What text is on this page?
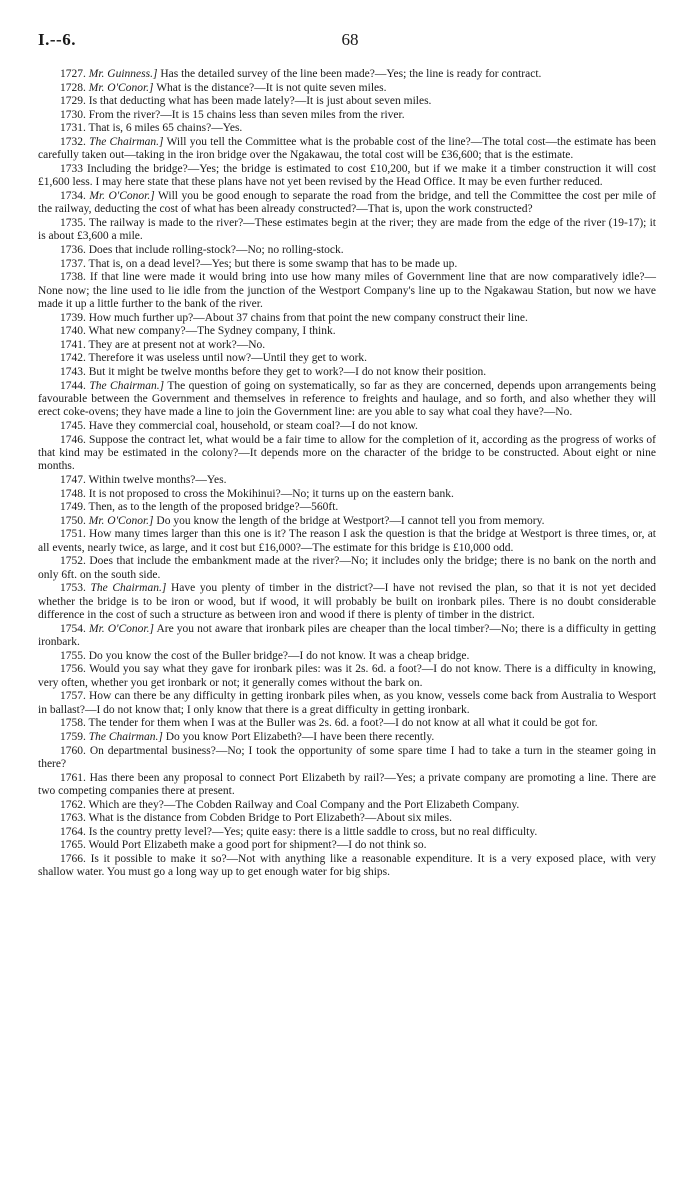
I.--6.	68

1727. Mr. Guinness.] Has the detailed survey of the line been made?—Yes; the line is ready for contract.

1728. Mr. O'Conor.] What is the distance?—It is not quite seven miles.

1729. Is that deducting what has been made lately?—It is just about seven miles.

1730. From the river?—It is 15 chains less than seven miles from the river.

1731. That is, 6 miles 65 chains?—Yes.

1732. The Chairman.] Will you tell the Committee what is the probable cost of the line?—The total cost—the estimate has been carefully taken out—taking in the iron bridge over the Ngakawau, the total cost will be £36,600; that is the estimate.

1733 Including the bridge?—Yes; the bridge is estimated to cost £10,200, but if we make it a timber construction it will cost £1,600 less. I may here state that these plans have not yet been revised by the Head Office. It may be even further reduced.

1734. Mr. O'Conor.] Will you be good enough to separate the road from the bridge, and tell the Committee the cost per mile of the railway, deducting the cost of what has been already constructed?—That is, upon the work constructed?

1735. The railway is made to the river?—These estimates begin at the river; they are made from the edge of the river (19-17); it is about £3,600 a mile.

1736. Does that include rolling-stock?—No; no rolling-stock.

1737. That is, on a dead level?—Yes; but there is some swamp that has to be made up.

1738. If that line were made it would bring into use how many miles of Government line that are now comparatively idle?—None now; the line used to lie idle from the junction of the Westport Company's line up to the Ngakawau Station, but now we have made it up a little further to the bank of the river.

1739. How much further up?—About 37 chains from that point the new company construct their line.

1740. What new company?—The Sydney company, I think.

1741. They are at present not at work?—No.

1742. Therefore it was useless until now?—Until they get to work.

1743. But it might be twelve months before they get to work?—I do not know their position.

1744. The Chairman.] The question of going on systematically, so far as they are concerned, depends upon arrangements being favourable between the Government and themselves in reference to freights and haulage, and so forth, and also whether they will erect coke-ovens; they have made a line to join the Government line: are you able to say what coal they have?—No.

1745. Have they commercial coal, household, or steam coal?—I do not know.

1746. Suppose the contract let, what would be a fair time to allow for the completion of it, according as the progress of works of that kind may be estimated in the colony?—It depends more on the character of the bridge to be constructed. About eight or nine months.

1747. Within twelve months?—Yes.

1748. It is not proposed to cross the Mokihinui?—No; it turns up on the eastern bank.

1749. Then, as to the length of the proposed bridge?—560ft.

1750. Mr. O'Conor.] Do you know the length of the bridge at Westport?—I cannot tell you from memory.

1751. How many times larger than this one is it? The reason I ask the question is that the bridge at Westport is three times, or, at all events, nearly twice, as large, and it cost but £16,000?—The estimate for this bridge is £10,000 odd.

1752. Does that include the embankment made at the river?—No; it includes only the bridge; there is no bank on the north and only 6ft. on the south side.

1753. The Chairman.] Have you plenty of timber in the district?—I have not revised the plan, so that it is not yet decided whether the bridge is to be iron or wood, but if wood, it will probably be built on ironbark piles. There is no doubt considerable difference in the cost of such a structure as between iron and wood if there is plenty of timber in the district.

1754. Mr. O'Conor.] Are you not aware that ironbark piles are cheaper than the local timber?—No; there is a difficulty in getting ironbark.

1755. Do you know the cost of the Buller bridge?—I do not know. It was a cheap bridge.

1756. Would you say what they gave for ironbark piles: was it 2s. 6d. a foot?—I do not know. There is a difficulty in knowing, very often, whether you get ironbark or not; it generally comes without the bark on.

1757. How can there be any difficulty in getting ironbark piles when, as you know, vessels come back from Australia to Wesport in ballast?—I do not know that; I only know that there is a great difficulty in getting ironbark.

1758. The tender for them when I was at the Buller was 2s. 6d. a foot?—I do not know at all what it could be got for.

1759. The Chairman.] Do you know Port Elizabeth?—I have been there recently.

1760. On departmental business?—No; I took the opportunity of some spare time I had to take a turn in the steamer going in there?

1761. Has there been any proposal to connect Port Elizabeth by rail?—Yes; a private company are promoting a line. There are two competing companies there at present.

1762. Which are they?—The Cobden Railway and Coal Company and the Port Elizabeth Company.

1763. What is the distance from Cobden Bridge to Port Elizabeth?—About six miles.

1764. Is the country pretty level?—Yes; quite easy: there is a little saddle to cross, but no real difficulty.

1765. Would Port Elizabeth make a good port for shipment?—I do not think so.

1766. Is it possible to make it so?—Not with anything like a reasonable expenditure. It is a very exposed place, with very shallow water. You must go a long way up to get enough water for big ships.
